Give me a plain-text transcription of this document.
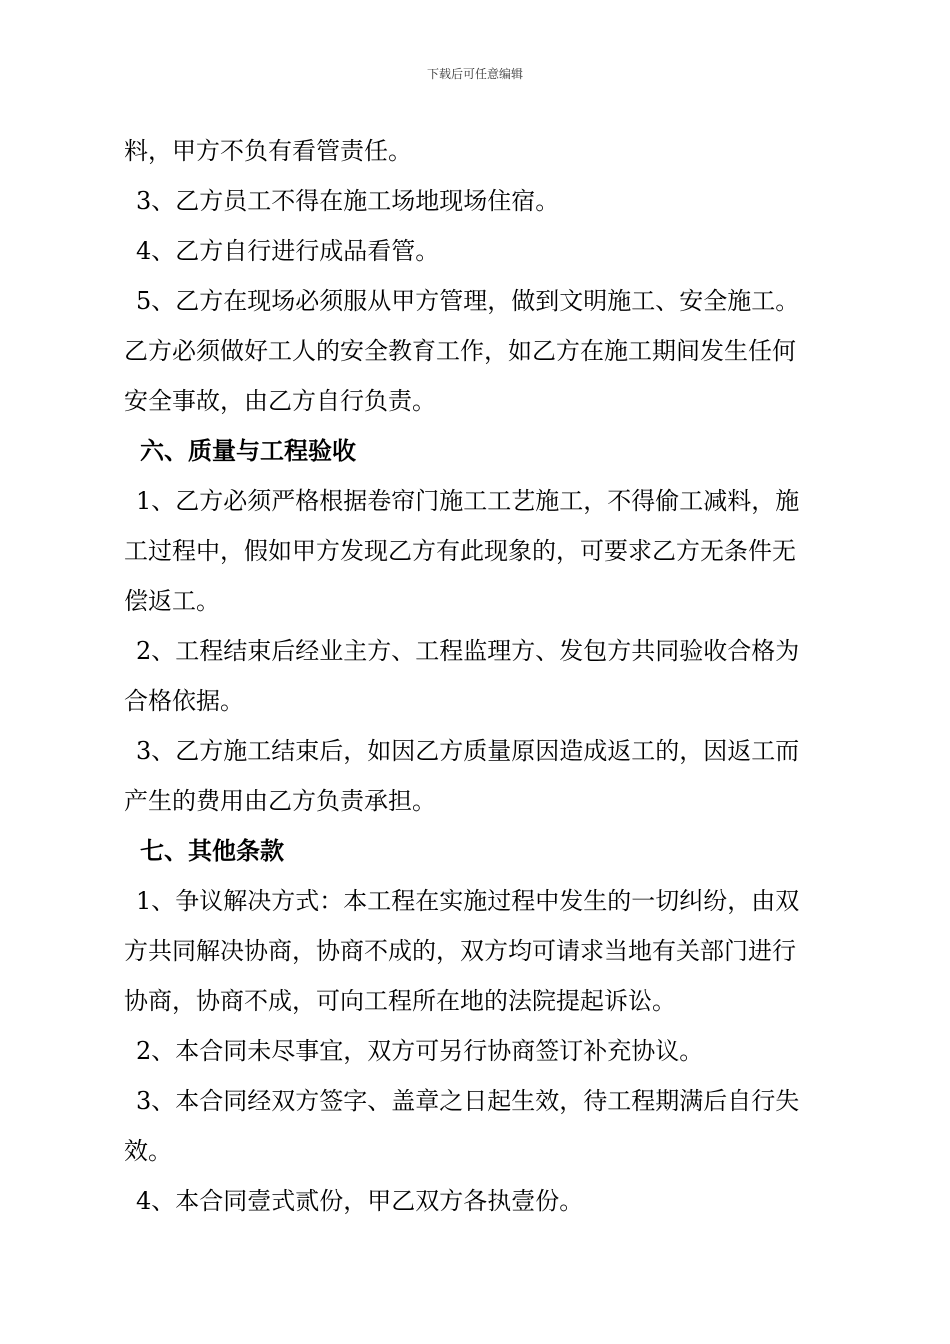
下载后可任意编辑
料，甲方不负有看管责任。
3、乙方员工不得在施工场地现场住宿。
4、乙方自行进行成品看管。
5、乙方在现场必须服从甲方管理，做到文明施工、安全施工。
乙方必须做好工人的安全教育工作，如乙方在施工期间发生任何
安全事故，由乙方自行负责。
六、质量与工程验收
1、乙方必须严格根据卷帘门施工工艺施工，不得偷工减料，施
工过程中，假如甲方发现乙方有此现象的，可要求乙方无条件无
偿返工。
2、工程结束后经业主方、工程监理方、发包方共同验收合格为
合格依据。
3、乙方施工结束后，如因乙方质量原因造成返工的，因返工而
产生的费用由乙方负责承担。
七、其他条款
1、争议解决方式：本工程在实施过程中发生的一切纠纷，由双
方共同解决协商，协商不成的，双方均可请求当地有关部门进行
协商，协商不成，可向工程所在地的法院提起诉讼。
2、本合同未尽事宜，双方可另行协商签订补充协议。
3、本合同经双方签字、盖章之日起生效，待工程期满后自行失
效。
4、本合同壹式贰份，甲乙双方各执壹份。
